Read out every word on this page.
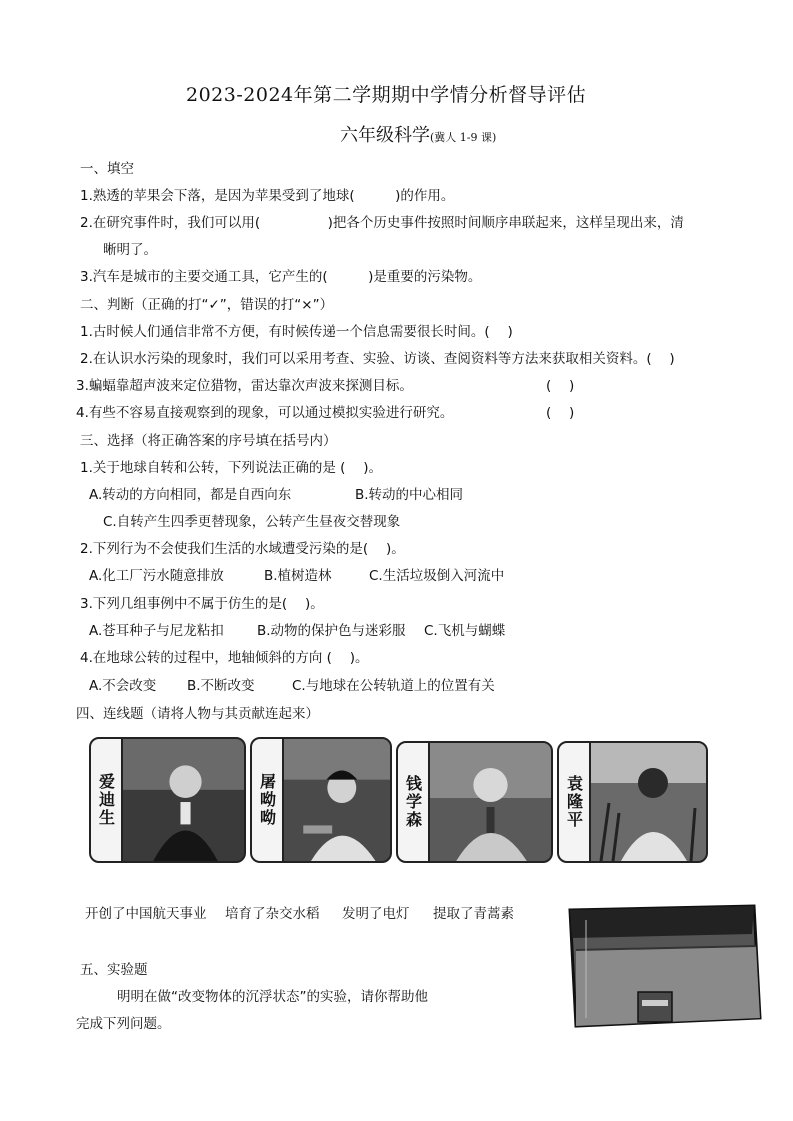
2023-2024年第二学期期中学情分析督导评估
六年级科学(冀人 1-9 课)
一、填空
1.熟透的苹果会下落，是因为苹果受到了地球(　　　)的作用。
2.在研究事件时，我们可以用(　　　　　)把各个历史事件按照时间顺序串联起来，这样呈现出来，清
晰明了。
3.汽车是城市的主要交通工具，它产生的(　　　)是重要的污染物。
二、判断（正确的打“✓”，错误的打“×”）
1.古时候人们通信非常不方便，有时候传递一个信息需要很长时间。(　 )
2.在认识水污染的现象时，我们可以采用考查、实验、访谈、查阅资料等方法来获取相关资料。(　 )
3.蝙蝠靠超声波来定位猎物，雷达靠次声波来探测目标。	(　 )
4.有些不容易直接观察到的现象，可以通过模拟实验进行研究。	(　 )
三、选择（将正确答案的序号填在括号内）
1.关于地球自转和公转，下列说法正确的是 (　 )。
A.转动的方向相同，都是自西向东	B.转动的中心相同
C.自转产生四季更替现象，公转产生昼夜交替现象
2.下列行为不会使我们生活的水域遭受污染的是(　 )。
A.化工厂污水随意排放	B.植树造林	C.生活垃圾倒入河流中
3.下列几组事例中不属于仿生的是(　 )。
A.苍耳种子与尼龙粘扣 B.动物的保护色与迷彩服 C.飞机与蝴蝶
4.在地球公转的过程中，地轴倾斜的方向 (　 )。
A.不会改变 B.不断改变	C.与地球在公转轨道上的位置有关
四、连线题（请将人物与其贡献连起来）
爱迪生	屠呦呦	钱学森	袁隆平
开创了中国航天事业 培育了杂交水稻 发明了电灯 提取了青蒿素
五、实验题
明明在做“改变物体的沉浮状态”的实验，请你帮助他
完成下列问题。
